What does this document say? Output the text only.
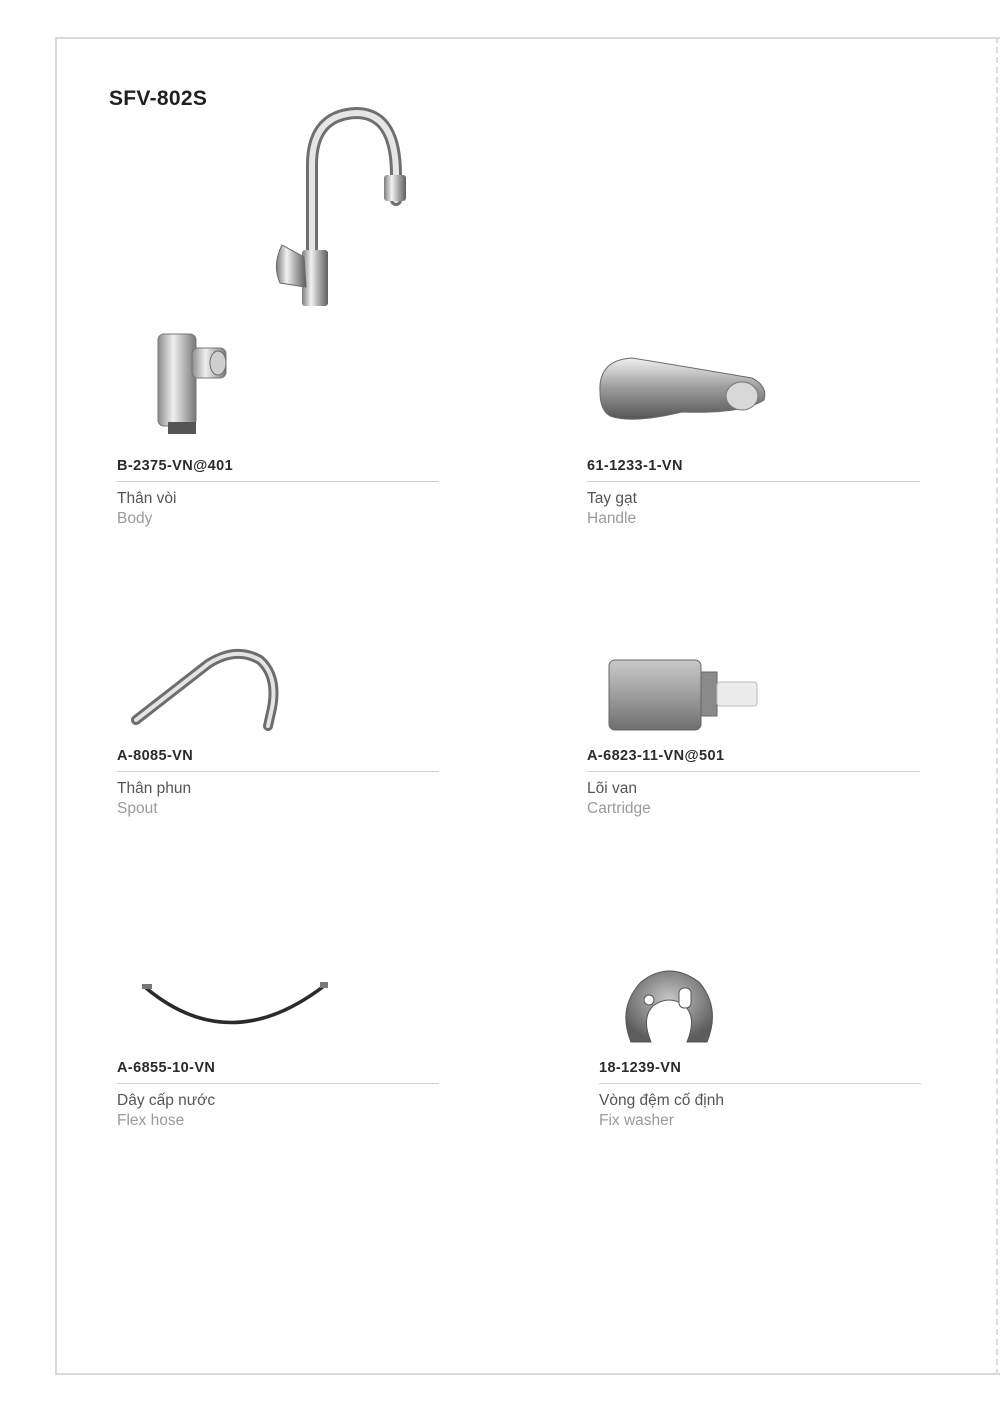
SFV-802S
B-2375-VN@401
Thân vòi
Body
61-1233-1-VN
Tay gạt
Handle
A-8085-VN
Thân phun
Spout
A-6823-11-VN@501
Lõi van
Cartridge
A-6855-10-VN
Dây cấp nước
Flex hose
18-1239-VN
Vòng đệm cố định
Fix washer
